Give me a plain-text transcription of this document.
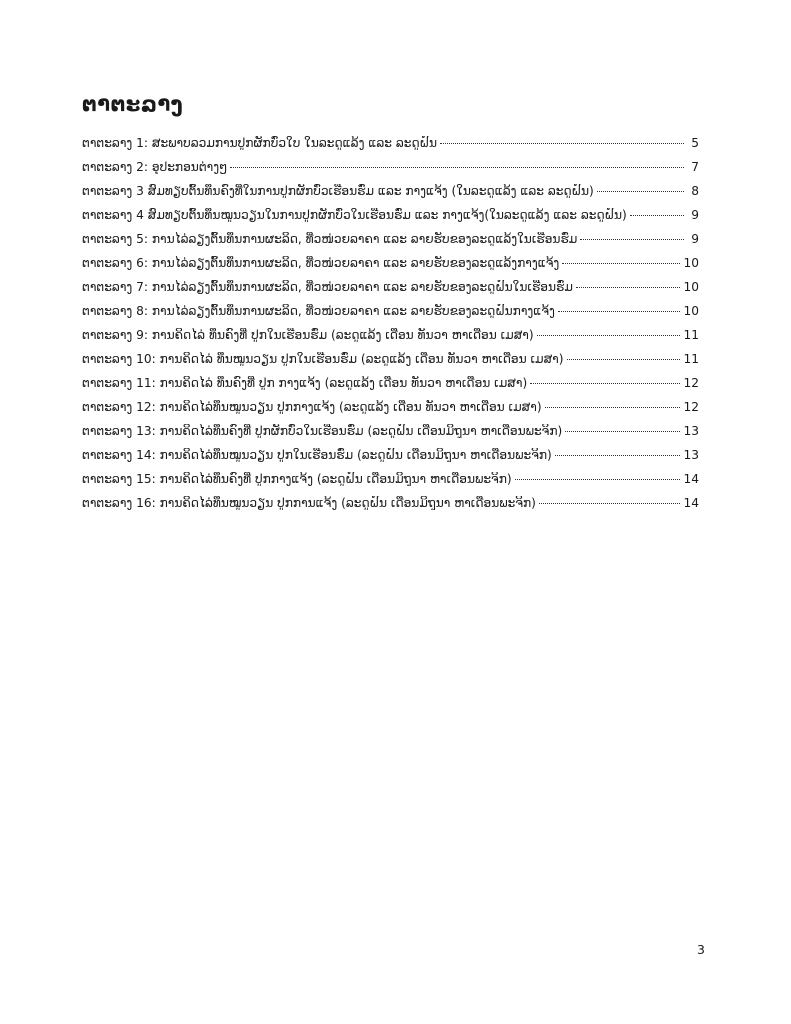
ຕາຕະລາງ
ຕາຕະລາງ 1: ສະພາບລວມການປູກຜັກບົ່ວໃບ ໃນລະດູແລ້ງ ແລະ ລະດູຝົນ	5
ຕາຕະລາງ 2: ອຸປະກອນຕ່າງໆ	7
ຕາຕະລາງ 3 ສົມທຽບຕົ້ນທຶນຄົງທີ່ໃນການປູກຜັກບົ່ວເຮືອນຮົ່ມ ແລະ ກາງແຈ້ງ (ໃນລະດູແລ້ງ ແລະ ລະດູຝົນ)	8
ຕາຕະລາງ 4 ສົມທຽບຕົ້ນທຶນໝູນວຽນໃນການປູກຜັກບົ່ວໃນເຮືອນຮົ່ມ ແລະ ກາງແຈ້ງ(ໃນລະດູແລ້ງ ແລະ ລະດູຝົນ)	9
ຕາຕະລາງ 5: ການໄລ່ລຽງຕົ້ນທຶນການຜະລິດ, ທີ່ວໜ່ວຍລາຄາ ແລະ ລາຍຮັບຂອງລະດູແລ້ງໃນເຮືອນຮົ່ມ	9
ຕາຕະລາງ 6: ການໄລ່ລຽງຕົ້ນທຶນການຜະລິດ, ທີ່ວໜ່ວຍລາຄາ ແລະ ລາຍຮັບຂອງລະດູແລ້ງກາງແຈ້ງ	10
ຕາຕະລາງ 7: ການໄລ່ລຽງຕົ້ນທຶນການຜະລິດ, ທີ່ວໜ່ວຍລາຄາ ແລະ ລາຍຮັບຂອງລະດູຝົນໃນເຮືອນຮົ່ມ	10
ຕາຕະລາງ 8: ການໄລ່ລຽງຕົ້ນທຶນການຜະລິດ, ທີ່ວໜ່ວຍລາຄາ ແລະ ລາຍຮັບຂອງລະດູຝົນກາງແຈ້ງ	10
ຕາຕະລາງ 9: ການຄິດໄລ່ ທຶນຄົງທີ່ ປູກໃນເຮືອນຮົ່ມ (ລະດູແລ້ງ ເດືອນ ທັນວາ ຫາເດືອນ ເມສາ)	11
ຕາຕະລາງ 10: ການຄິດໄລ່ ທຶນໝູນວຽນ ປູກໃນເຮືອນຮົ່ມ (ລະດູແລ້ງ ເດືອນ ທັນວາ ຫາເດືອນ ເມສາ)	11
ຕາຕະລາງ 11: ການຄິດໄລ່ ທຶນຄົງທີ່ ປູກ ກາງແຈ້ງ (ລະດູແລ້ງ ເດືອນ ທັນວາ ຫາເດືອນ ເມສາ)	12
ຕາຕະລາງ 12: ການຄິດໄລ່ທຶນໝູນວຽນ ປູກກາງແຈ້ງ (ລະດູແລ້ງ ເດືອນ ທັນວາ ຫາເດືອນ ເມສາ)	12
ຕາຕະລາງ 13: ການຄິດໄລ່ທຶນຄົງທີ່ ປູກຜັກບົ່ວໃນເຮືອນຮົ່ມ (ລະດູຝົນ ເດືອນມິຖຸນາ ຫາເດືອນພະຈິກ)	13
ຕາຕະລາງ 14: ການຄິດໄລ່ທຶນໝູນວຽນ ປູກໃນເຮືອນຮົ່ມ (ລະດູຝົນ ເດືອນມິຖຸນາ ຫາເດືອນພະຈິກ)	13
ຕາຕະລາງ 15: ການຄິດໄລ່ທຶນຄົງທີ່ ປູກກາງແຈ້ງ (ລະດູຝົນ ເດືອນມິຖຸນາ ຫາເດືອນພະຈິກ)	14
ຕາຕະລາງ 16: ການຄິດໄລ່ທຶນໝູນວຽນ ປູກການແຈ້ງ (ລະດູຝົນ ເດືອນມິຖຸນາ ຫາເດືອນພະຈິກ)	14
3
